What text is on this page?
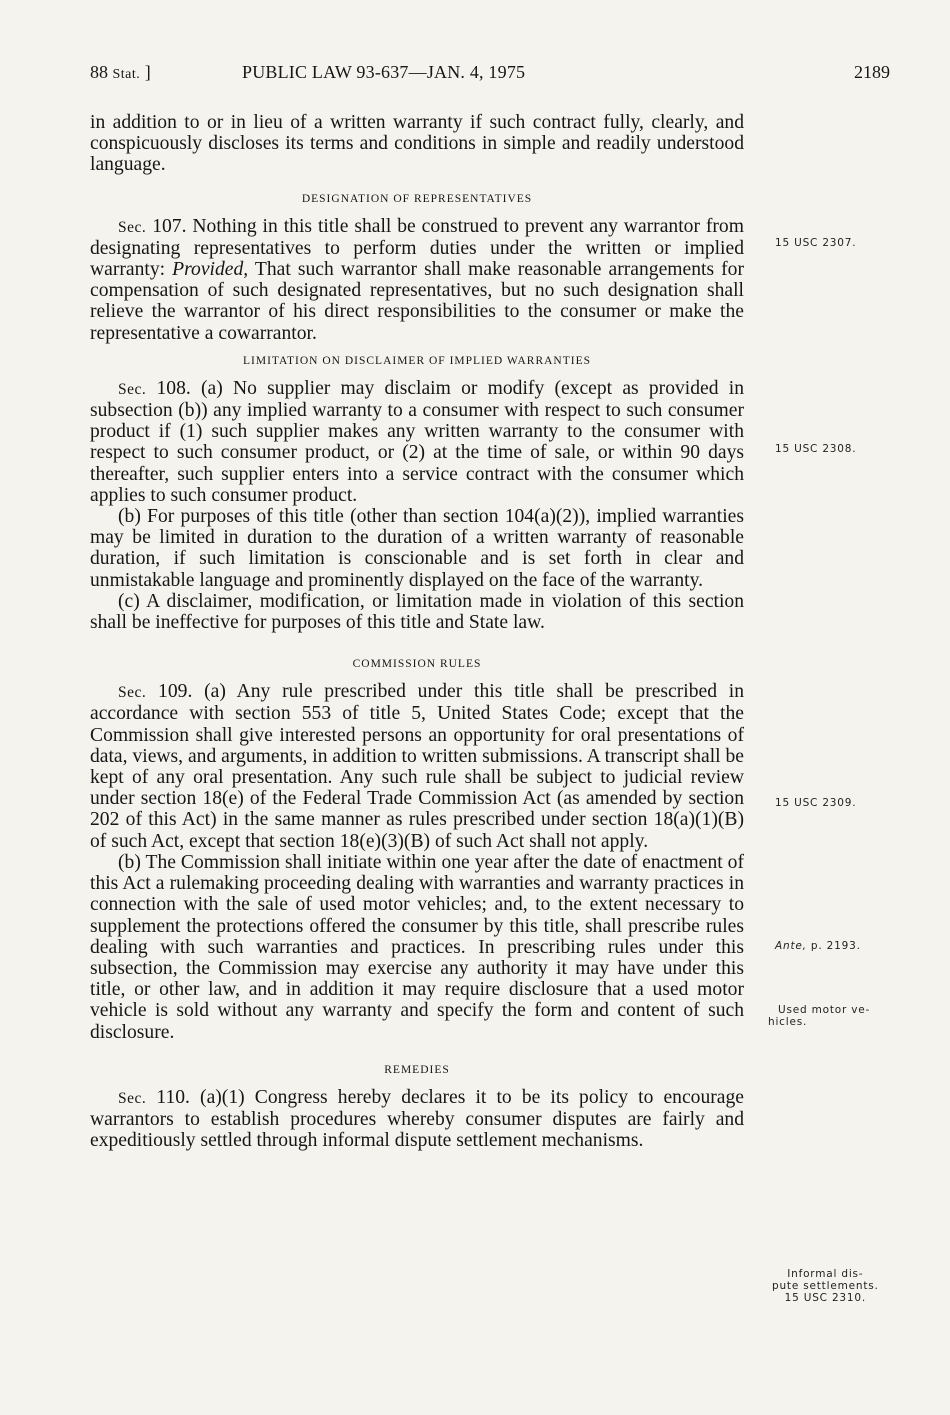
88 Stat. ]	PUBLIC LAW 93-637—JAN. 4, 1975	2189

in addition to or in lieu of a written warranty if such contract fully, clearly, and conspicuously discloses its terms and conditions in simple and readily understood language.

DESIGNATION OF REPRESENTATIVES

Sec. 107. Nothing in this title shall be construed to prevent any warrantor from designating representatives to perform duties under the written or implied warranty: Provided, That such warrantor shall make reasonable arrangements for compensation of such designated representatives, but no such designation shall relieve the warrantor of his direct responsibilities to the consumer or make the representative a cowarrantor.

LIMITATION ON DISCLAIMER OF IMPLIED WARRANTIES

Sec. 108. (a) No supplier may disclaim or modify (except as provided in subsection (b)) any implied warranty to a consumer with respect to such consumer product if (1) such supplier makes any written warranty to the consumer with respect to such consumer product, or (2) at the time of sale, or within 90 days thereafter, such supplier enters into a service contract with the consumer which applies to such consumer product.

(b) For purposes of this title (other than section 104(a)(2)), implied warranties may be limited in duration to the duration of a written warranty of reasonable duration, if such limitation is conscionable and is set forth in clear and unmistakable language and prominently displayed on the face of the warranty.

(c) A disclaimer, modification, or limitation made in violation of this section shall be ineffective for purposes of this title and State law.

COMMISSION RULES

Sec. 109. (a) Any rule prescribed under this title shall be prescribed in accordance with section 553 of title 5, United States Code; except that the Commission shall give interested persons an opportunity for oral presentations of data, views, and arguments, in addition to written submissions. A transcript shall be kept of any oral presentation. Any such rule shall be subject to judicial review under section 18(e) of the Federal Trade Commission Act (as amended by section 202 of this Act) in the same manner as rules prescribed under section 18(a)(1)(B) of such Act, except that section 18(e)(3)(B) of such Act shall not apply.

(b) The Commission shall initiate within one year after the date of enactment of this Act a rulemaking proceeding dealing with warranties and warranty practices in connection with the sale of used motor vehicles; and, to the extent necessary to supplement the protections offered the consumer by this title, shall prescribe rules dealing with such warranties and practices. In prescribing rules under this subsection, the Commission may exercise any authority it may have under this title, or other law, and in addition it may require disclosure that a used motor vehicle is sold without any warranty and specify the form and content of such disclosure.

REMEDIES

Sec. 110. (a)(1) Congress hereby declares it to be its policy to encourage warrantors to establish procedures whereby consumer disputes are fairly and expeditiously settled through informal dispute settlement mechanisms.

15 USC 2307.
15 USC 2308.
15 USC 2309.
Ante, p. 2193.
Used motor ve-
hicles.
Informal dis-
pute settlements.
15 USC 2310.
